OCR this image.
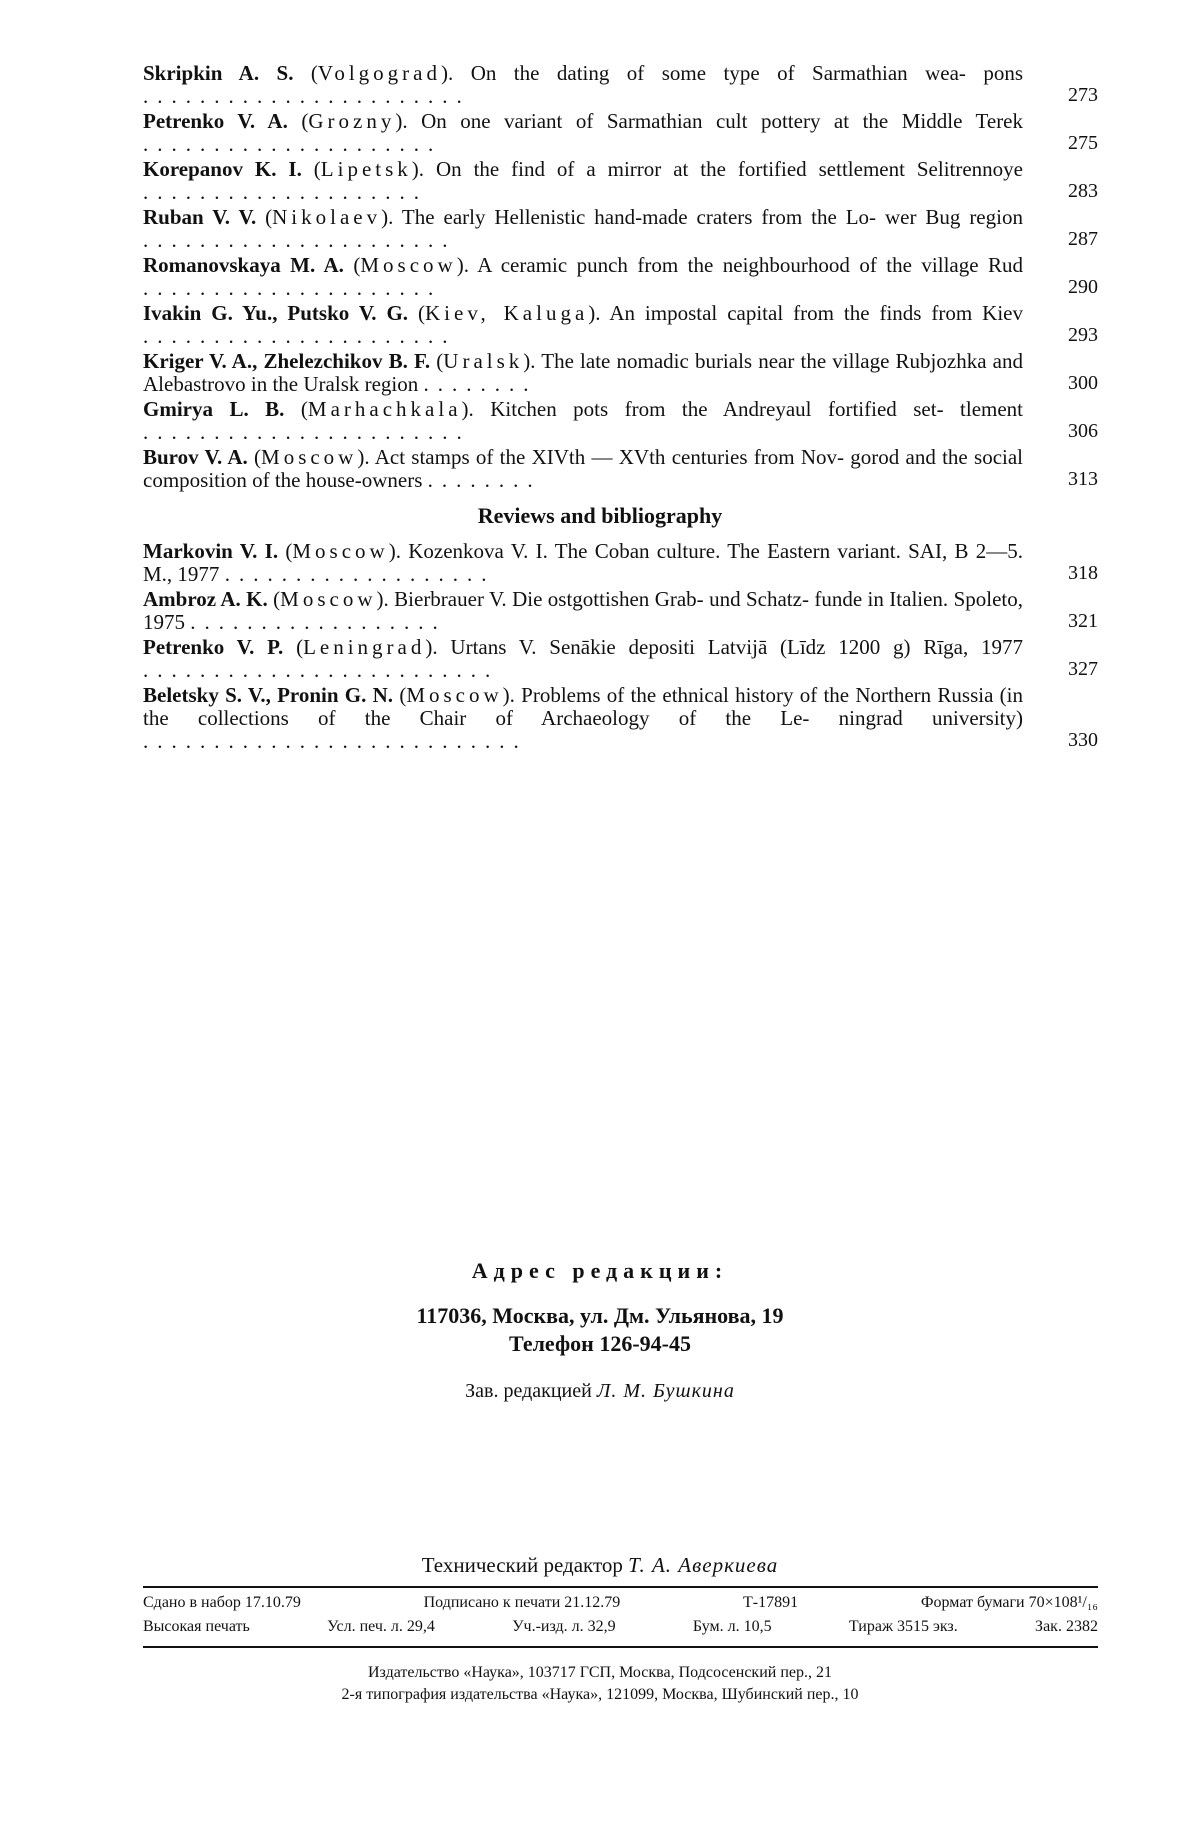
Skripkin A. S. (Volgograd). On the dating of some type of Sarmathian wea- pons .......................	273
Petrenko V. A. (Grozny). On one variant of Sarmathian cult pottery at the Middle Terek .....................	275
Korepanov K. I. (Lipetsk). On the find of a mirror at the fortified settlement Selitrennoye ....................	283
Ruban V. V. (Nikolaev). The early Hellenistic hand-made craters from the Lo- wer Bug region ......................	287
Romanovskaya M. A. (Moscow). A ceramic punch from the neighbourhood of the village Rud .....................	290
Ivakin G. Yu., Putsko V. G. (Kiev, Kaluga). An impostal capital from the finds from Kiev ......................	293
Kriger V. A., Zhelezchikov B. F. (Uralsk). The late nomadic burials near the village Rubjozhka and Alebastrovo in the Uralsk region ........	300
Gmirya L. B. (Marhachkala). Kitchen pots from the Andreyaul fortified set- tlement .......................	306
Burov V. A. (Moscow). Act stamps of the XIVth — XVth centuries from Nov- gorod and the social composition of the house-owners ........	313
Reviews and bibliography
Markovin V. I. (Moscow). Kozenkova V. I. The Coban culture. The Eastern variant. SAI, B 2—5. M., 1977 ...................	318
Ambroz A. K. (Moscow). Bierbrauer V. Die ostgottishen Grab- und Schatz- funde in Italien. Spoleto, 1975 ..................	321
Petrenko V. P. (Leningrad). Urtans V. Senākie depositi Latvijā (Līdz 1200 g) Rīga, 1977 .........................	327
Beletsky S. V., Pronin G. N. (Moscow). Problems of the ethnical history of the Northern Russia (in the collections of the Chair of Archaeology of the Le- ningrad university) ...........................	330
Адрес редакции:
117036, Москва, ул. Дм. Ульянова, 19
Телефон 126-94-45
Зав. редакцией Л. М. Бушкина
Технический редактор Т. А. Аверкиева
Сдано в набор 17.10.79	Подписано к печати 21.12.79	Т-17891	Формат бумаги 70×108¹/₁₆
Высокая печать	Усл. печ. л. 29,4	Уч.-изд. л. 32,9	Бум. л. 10,5	Тираж 3515 экз.	Зак. 2382
Издательство «Наука», 103717 ГСП, Москва, Подсосенский пер., 21
2-я типография издательства «Наука», 121099, Москва, Шубинский пер., 10
